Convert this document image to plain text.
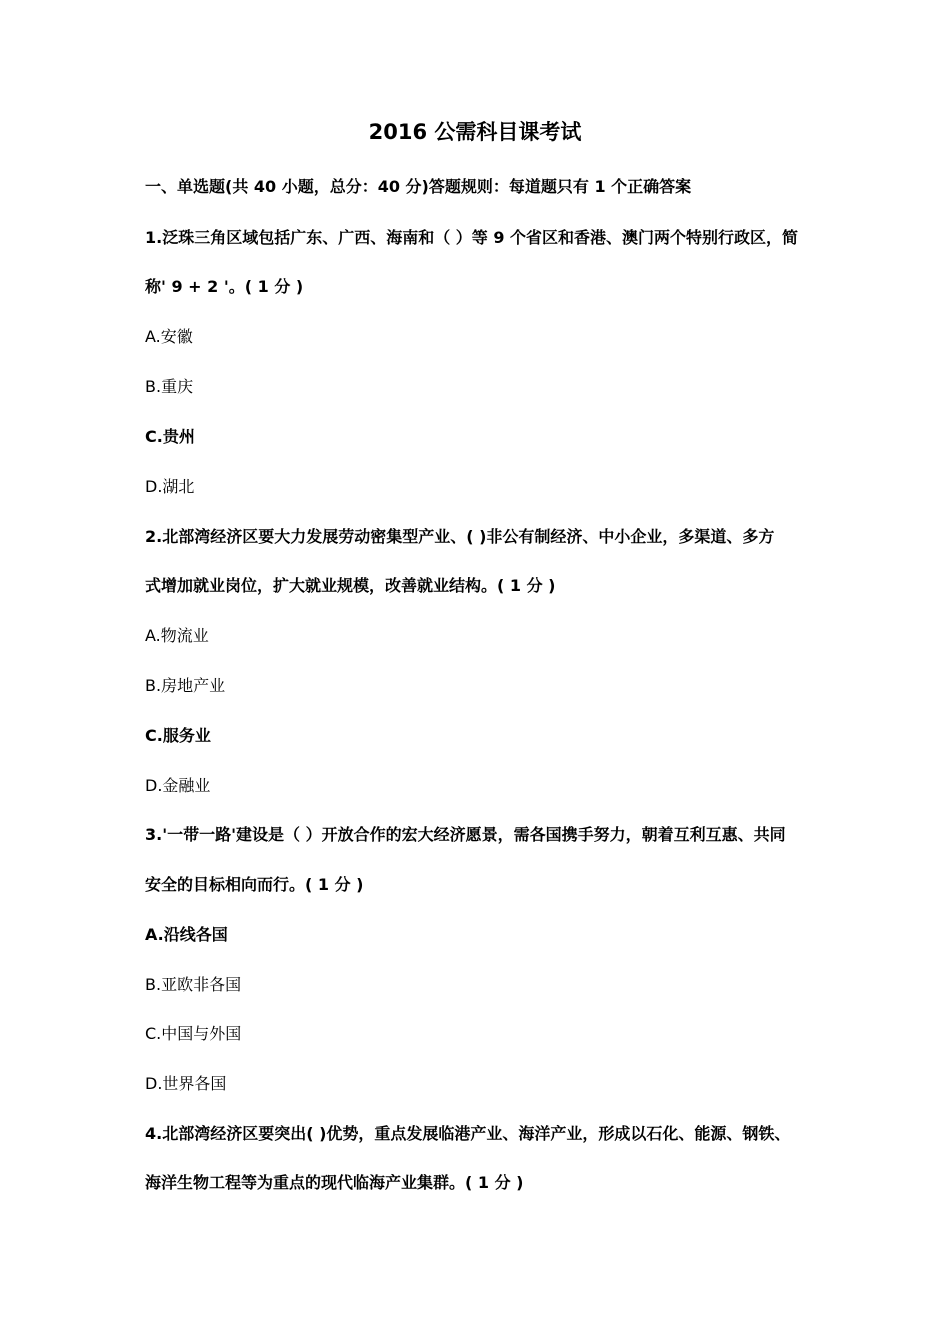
2016 公需科目课考试
一、单选题(共 40 小题，总分：40 分)答题规则：每道题只有 1 个正确答案
1.泛珠三角区域包括广东、广西、海南和（ ）等 9 个省区和香港、澳门两个特别行政区，简
称' 9 + 2 '。( 1 分 )
A.安徽
B.重庆
C.贵州
D.湖北
2.北部湾经济区要大力发展劳动密集型产业、( )非公有制经济、中小企业，多渠道、多方
式增加就业岗位，扩大就业规模，改善就业结构。( 1 分 )
A.物流业
B.房地产业
C.服务业
D.金融业
3.'一带一路'建设是（ ）开放合作的宏大经济愿景，需各国携手努力，朝着互利互惠、共同
安全的目标相向而行。( 1 分 )
A.沿线各国
B.亚欧非各国
C.中国与外国
D.世界各国
4.北部湾经济区要突出( )优势，重点发展临港产业、海洋产业，形成以石化、能源、钢铁、
海洋生物工程等为重点的现代临海产业集群。( 1 分 )
